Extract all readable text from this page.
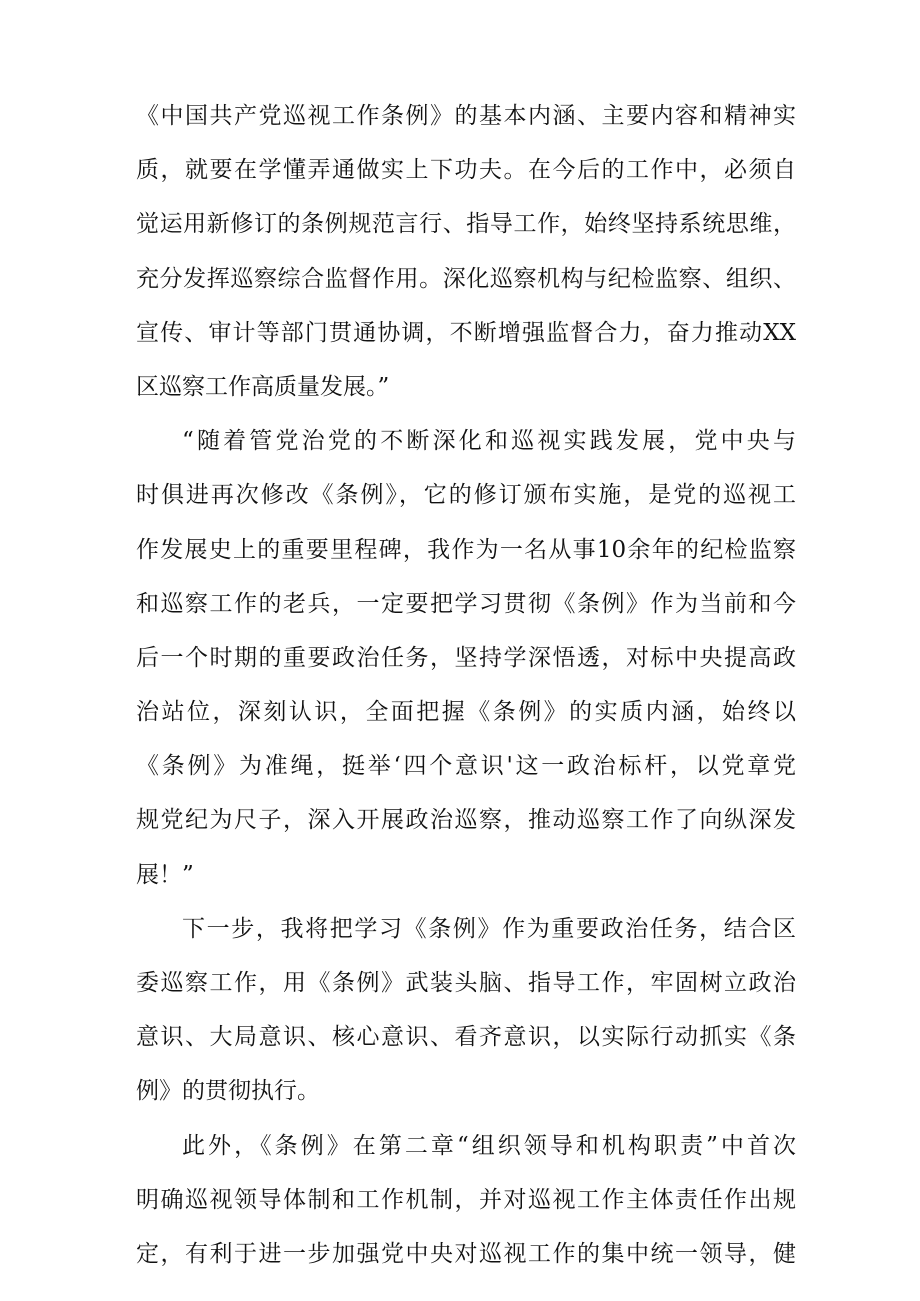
《中国共产党巡视工作条例》的基本内涵、主要内容和精神实
质，就要在学懂弄通做实上下功夫。在今后的工作中，必须自
觉运用新修订的条例规范言行、指导工作，始终坚持系统思维，
充分发挥巡察综合监督作用。深化巡察机构与纪检监察、组织、
宣传、审计等部门贯通协调，不断增强监督合力，奋力推动XX
区巡察工作高质量发展。”
“随着管党治党的不断深化和巡视实践发展，党中央与
时俱进再次修改《条例》，它的修订颁布实施，是党的巡视工
作发展史上的重要里程碑，我作为一名从事10余年的纪检监察
和巡察工作的老兵，一定要把学习贯彻《条例》作为当前和今
后一个时期的重要政治任务，坚持学深悟透，对标中央提高政
治站位，深刻认识，全面把握《条例》的实质内涵，始终以
《条例》为准绳，挺举‘四个意识'这一政治标杆，以党章党
规党纪为尺子，深入开展政治巡察，推动巡察工作了向纵深发
展！”
下一步，我将把学习《条例》作为重要政治任务，结合区
委巡察工作，用《条例》武装头脑、指导工作，牢固树立政治
意识、大局意识、核心意识、看齐意识，以实际行动抓实《条
例》的贯彻执行。
此外，《条例》在第二章“组织领导和机构职责”中首次
明确巡视领导体制和工作机制，并对巡视工作主体责任作出规
定，有利于进一步加强党中央对巡视工作的集中统一领导，健
